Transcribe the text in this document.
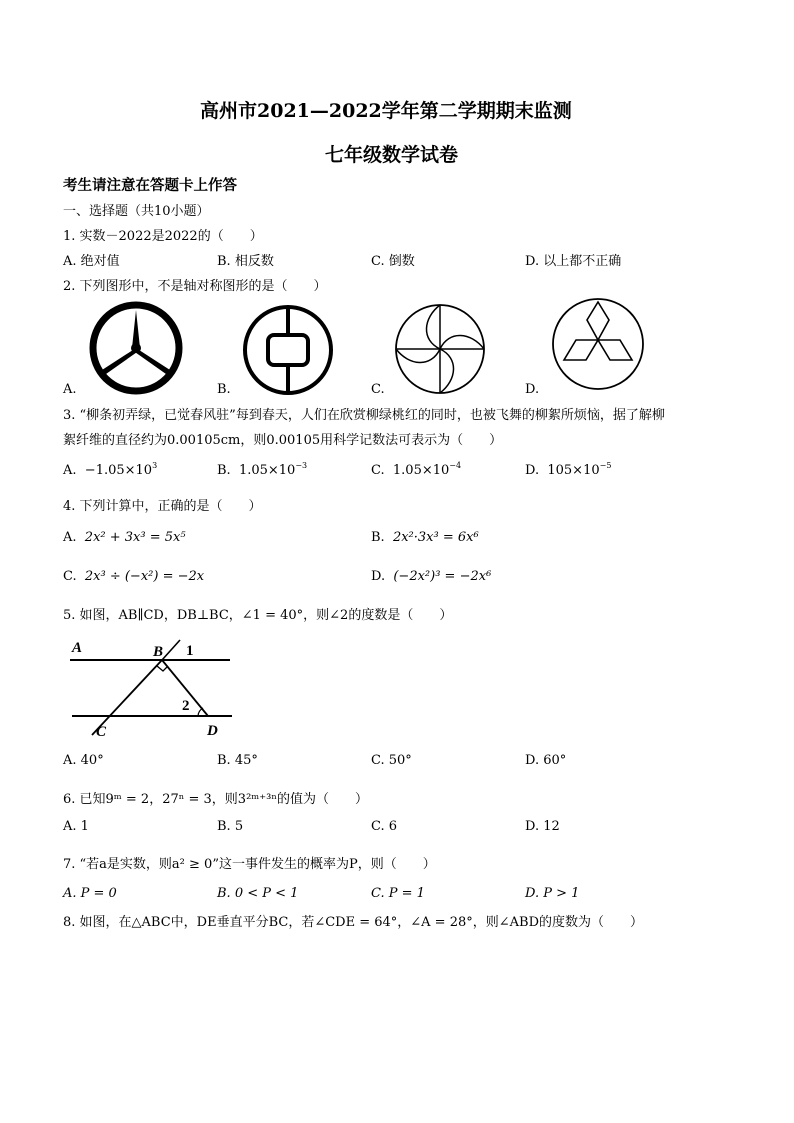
高州市2021—2022学年第二学期期末监测
七年级数学试卷
考生请注意在答题卡上作答
一、选择题（共10小题）
1. 实数－2022是2022的（　　）
A. 绝对值	B. 相反数	C. 倒数	D. 以上都不正确
2. 下列图形中，不是轴对称图形的是（　　）
A.	B.	C.	D.
3. “柳条初弄绿，已觉春风驻”每到春天，人们在欣赏柳绿桃红的同时，也被飞舞的柳絮所烦恼，据了解柳
絮纤维的直径约为0.00105cm，则0.00105用科学记数法可表示为（　　）
A. $-1.05\times 10^3$	B. $1.05\times 10^{-3}$	C. $1.05\times 10^{-4}$	D. $105\times 10^{-5}$
4. 下列计算中，正确的是（　　）
A. 2x² + 3x³ = 5x⁵	B. 2x²·3x³ = 6x⁶
C. 2x³ ÷ (−x²) = −2x	D. (−2x²)³ = −2x⁶
5. 如图，AB∥CD，DB⊥BC，∠1 = 40°，则∠2的度数是（　　）
A	B 1
2
C	D
A. 40°	B. 45°	C. 50°	D. 60°
6. 已知9ᵐ = 2，27ⁿ = 3，则3²ᵐ⁺³ⁿ的值为（　　）
A. 1	B. 5	C. 6	D. 12
7. “若a是实数，则a² ≥ 0”这一事件发生的概率为P，则（　　）
A. P = 0	B. 0 < P < 1	C. P = 1	D. P > 1
8. 如图，在△ABC中，DE垂直平分BC，若∠CDE = 64°，∠A = 28°，则∠ABD的度数为（　　）
